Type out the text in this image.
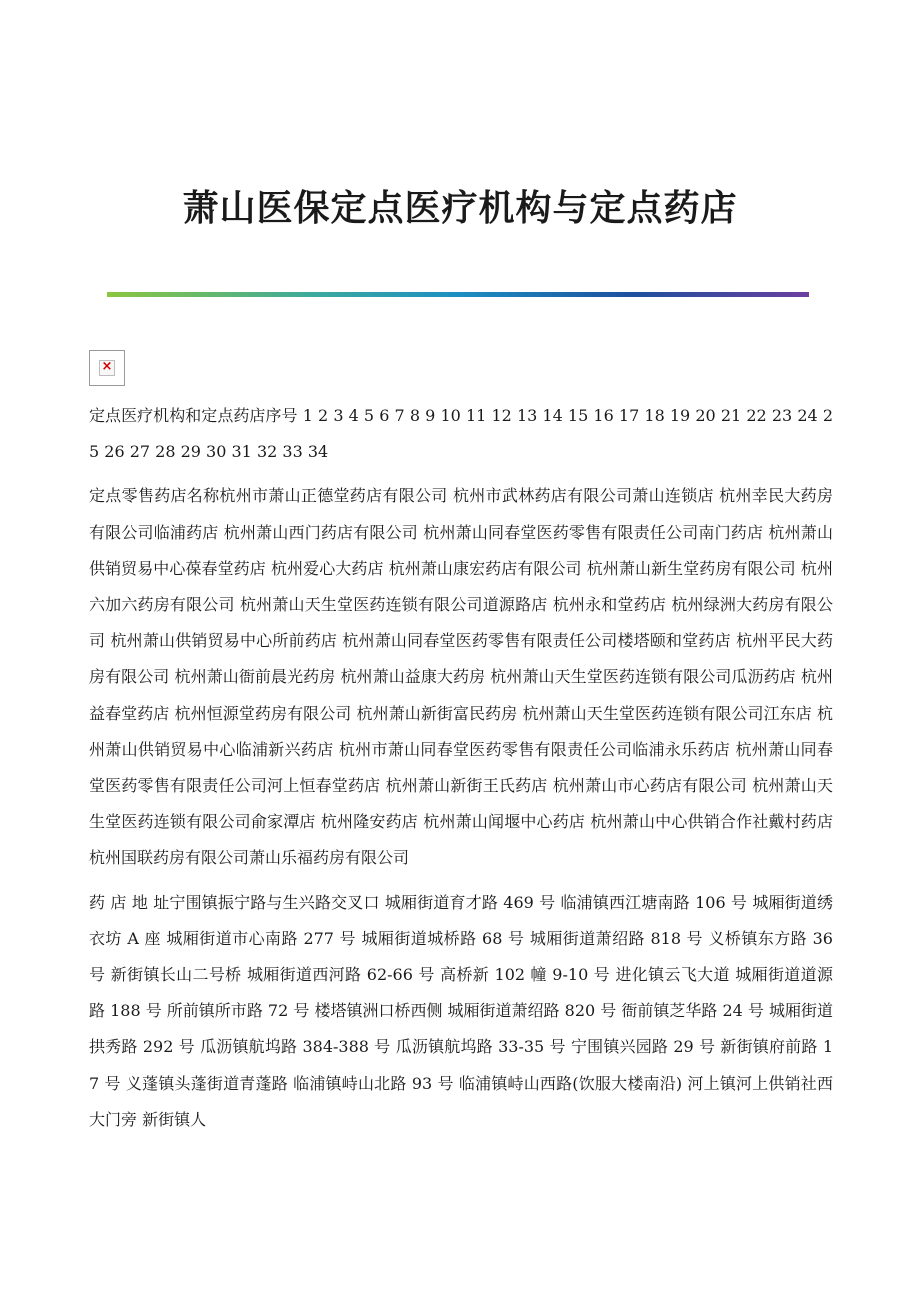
萧山医保定点医疗机构与定点药店
×

定点医疗机构和定点药店序号 1 2 3 4 5 6 7 8 9 10 11 12 13 14 15 16 17 18 19 20 21 22 23 24 25 26 27 28 29 30 31 32 33 34

定点零售药店名称杭州市萧山正德堂药店有限公司 杭州市武林药店有限公司萧山连锁店 杭州幸民大药房有限公司临浦药店 杭州萧山西门药店有限公司 杭州萧山同春堂医药零售有限责任公司南门药店 杭州萧山供销贸易中心葆春堂药店 杭州爱心大药店 杭州萧山康宏药店有限公司 杭州萧山新生堂药房有限公司 杭州六加六药房有限公司 杭州萧山天生堂医药连锁有限公司道源路店 杭州永和堂药店 杭州绿洲大药房有限公司 杭州萧山供销贸易中心所前药店 杭州萧山同春堂医药零售有限责任公司楼塔颐和堂药店 杭州平民大药房有限公司 杭州萧山衙前晨光药房 杭州萧山益康大药房 杭州萧山天生堂医药连锁有限公司瓜沥药店 杭州益春堂药店 杭州恒源堂药房有限公司 杭州萧山新街富民药房 杭州萧山天生堂医药连锁有限公司江东店 杭州萧山供销贸易中心临浦新兴药店 杭州市萧山同春堂医药零售有限责任公司临浦永乐药店 杭州萧山同春堂医药零售有限责任公司河上恒春堂药店 杭州萧山新街王氏药店 杭州萧山市心药店有限公司 杭州萧山天生堂医药连锁有限公司俞家潭店 杭州隆安药店 杭州萧山闻堰中心药店 杭州萧山中心供销合作社戴村药店 杭州国联药房有限公司萧山乐福药房有限公司

药 店 地 址宁围镇振宁路与生兴路交叉口 城厢街道育才路 469 号 临浦镇西江塘南路 106 号 城厢街道绣衣坊 A 座 城厢街道市心南路 277 号 城厢街道城桥路 68 号 城厢街道萧绍路 818 号 义桥镇东方路 36 号 新街镇长山二号桥 城厢街道西河路 62-66 号 高桥新 102 幢 9-10 号 进化镇云飞大道 城厢街道道源路 188 号 所前镇所市路 72 号 楼塔镇洲口桥西侧 城厢街道萧绍路 820 号 衙前镇芝华路 24 号 城厢街道拱秀路 292 号 瓜沥镇航坞路 384-388 号 瓜沥镇航坞路 33-35 号 宁围镇兴园路 29 号 新街镇府前路 17 号 义蓬镇头蓬街道青蓬路 临浦镇峙山北路 93 号 临浦镇峙山西路(饮服大楼南沿) 河上镇河上供销社西大门旁 新街镇人
